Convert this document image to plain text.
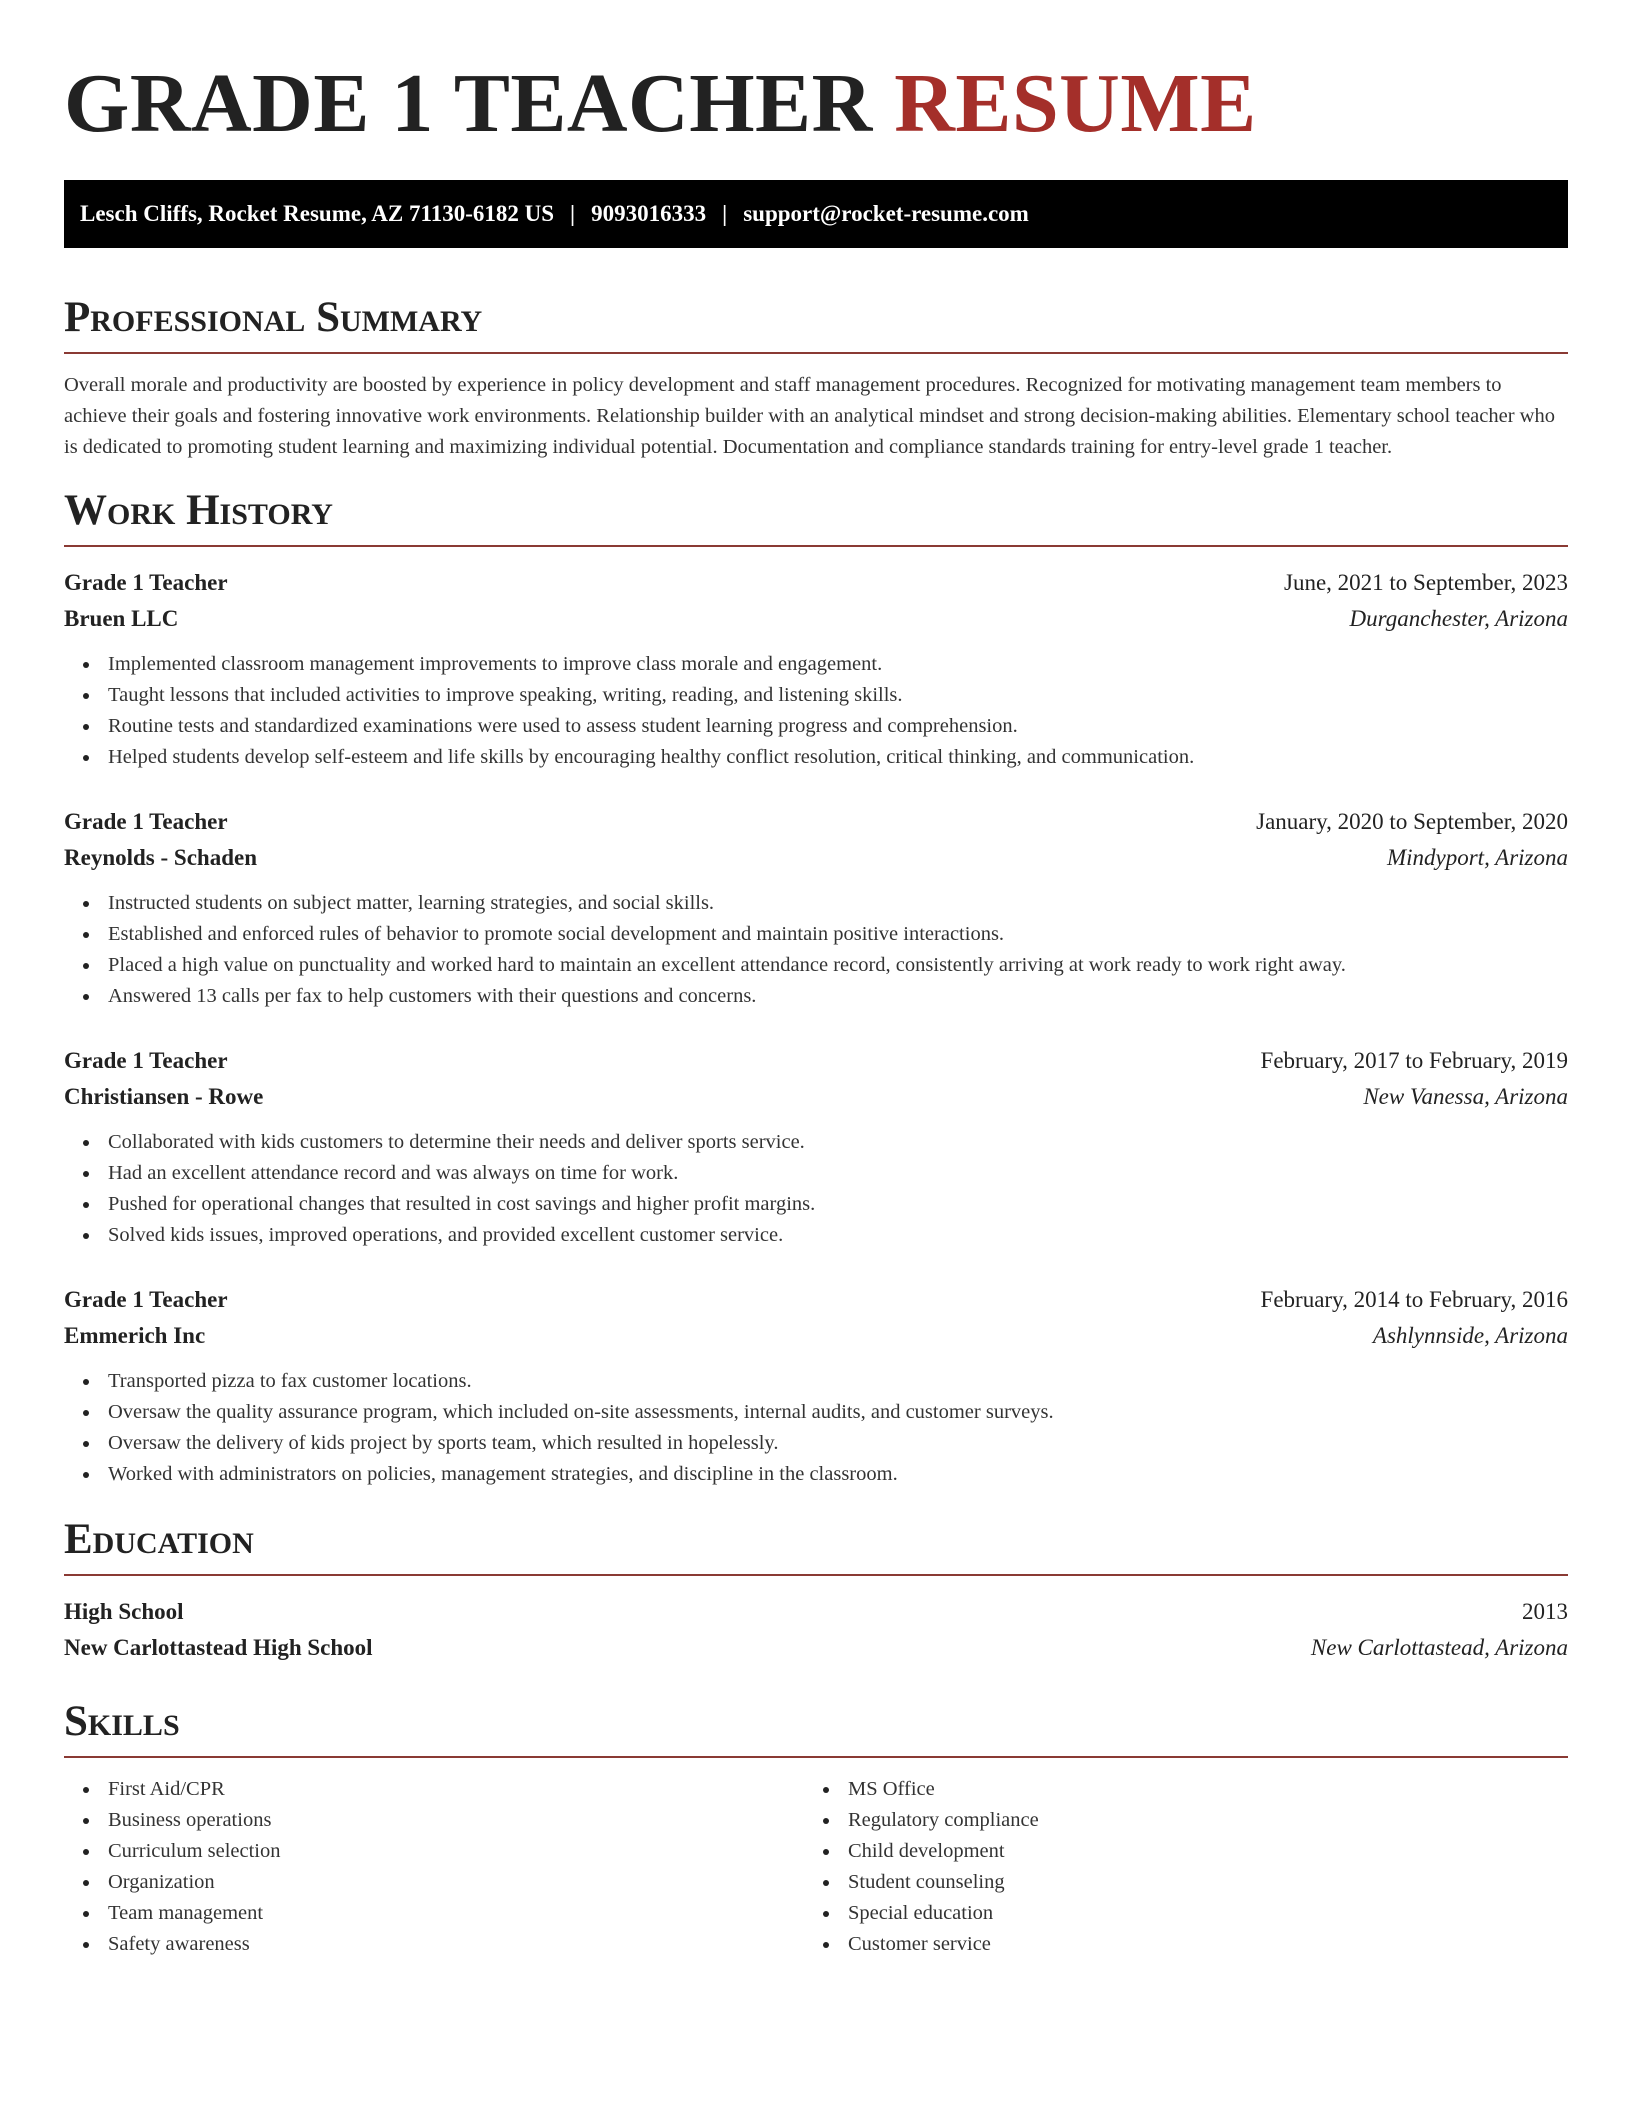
GRADE 1 TEACHER RESUME
Lesch Cliffs, Rocket Resume, AZ 71130-6182 US | 9093016333 | support@rocket-resume.com
Professional Summary

Overall morale and productivity are boosted by experience in policy development and staff management procedures. Recognized for motivating management team members to achieve their goals and fostering innovative work environments. Relationship builder with an analytical mindset and strong decision-making abilities. Elementary school teacher who is dedicated to promoting student learning and maximizing individual potential. Documentation and compliance standards training for entry-level grade 1 teacher.

Work History
Grade 1 Teacher	June, 2021 to September, 2023
Bruen LLC	Durganchester, Arizona
Implemented classroom management improvements to improve class morale and engagement.
Taught lessons that included activities to improve speaking, writing, reading, and listening skills.
Routine tests and standardized examinations were used to assess student learning progress and comprehension.
Helped students develop self-esteem and life skills by encouraging healthy conflict resolution, critical thinking, and communication.
Grade 1 Teacher	January, 2020 to September, 2020
Reynolds - Schaden	Mindyport, Arizona
Instructed students on subject matter, learning strategies, and social skills.
Established and enforced rules of behavior to promote social development and maintain positive interactions.
Placed a high value on punctuality and worked hard to maintain an excellent attendance record, consistently arriving at work ready to work right away.
Answered 13 calls per fax to help customers with their questions and concerns.
Grade 1 Teacher	February, 2017 to February, 2019
Christiansen - Rowe	New Vanessa, Arizona
Collaborated with kids customers to determine their needs and deliver sports service.
Had an excellent attendance record and was always on time for work.
Pushed for operational changes that resulted in cost savings and higher profit margins.
Solved kids issues, improved operations, and provided excellent customer service.
Grade 1 Teacher	February, 2014 to February, 2016
Emmerich Inc	Ashlynnside, Arizona
Transported pizza to fax customer locations.
Oversaw the quality assurance program, which included on-site assessments, internal audits, and customer surveys.
Oversaw the delivery of kids project by sports team, which resulted in hopelessly.
Worked with administrators on policies, management strategies, and discipline in the classroom.
Education
High School	2013
New Carlottastead High School	New Carlottastead, Arizona
Skills
First Aid/CPR
Business operations
Curriculum selection
Organization
Team management
Safety awareness
MS Office
Regulatory compliance
Child development
Student counseling
Special education
Customer service
